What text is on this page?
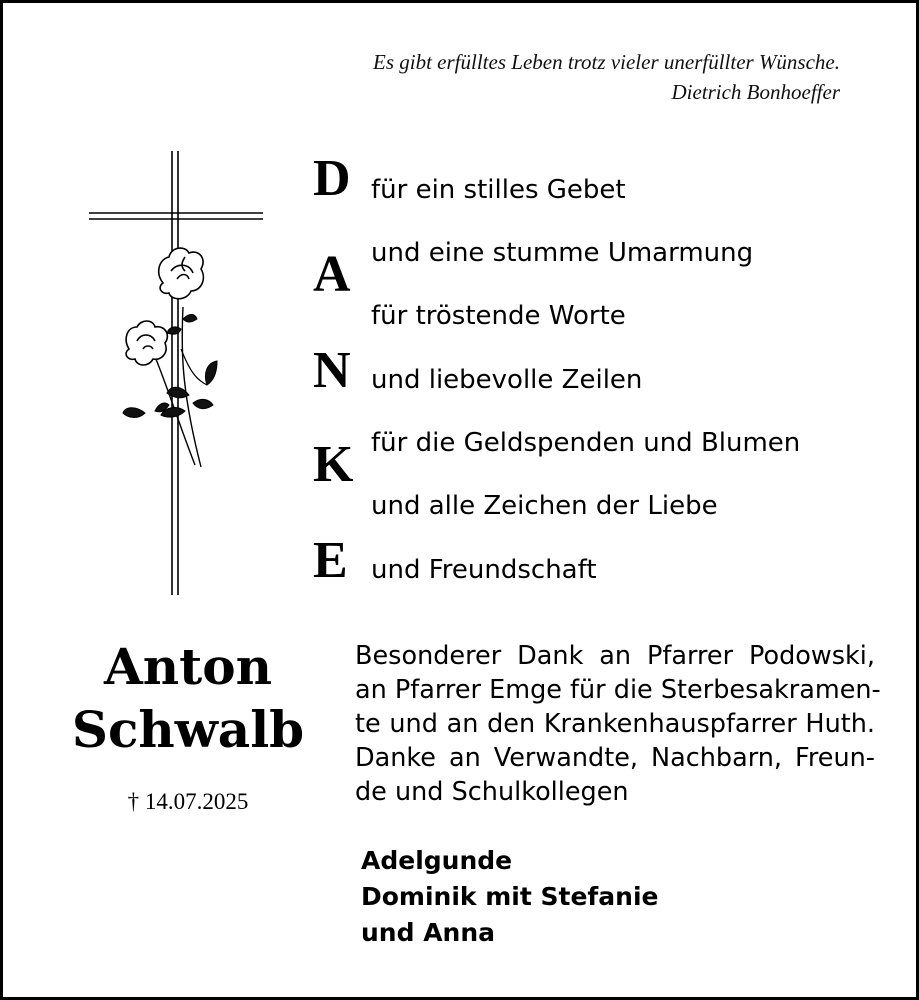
Es gibt erfülltes Leben trotz vieler unerfüllter Wünsche.
Dietrich Bonhoeffer
D für ein stilles Gebet
A und eine stumme Umarmung
für tröstende Worte
N und liebevolle Zeilen
K für die Geldspenden und Blumen
und alle Zeichen der Liebe
E und Freundschaft
Anton
Schwalb
† 14.07.2025
Besonderer Dank an Pfarrer Podowski,
an Pfarrer Emge für die Sterbesakramen-
te und an den Krankenhauspfarrer Huth.
Danke an Verwandte, Nachbarn, Freun-
de und Schulkollegen
Adelgunde
Dominik mit Stefanie
und Anna
